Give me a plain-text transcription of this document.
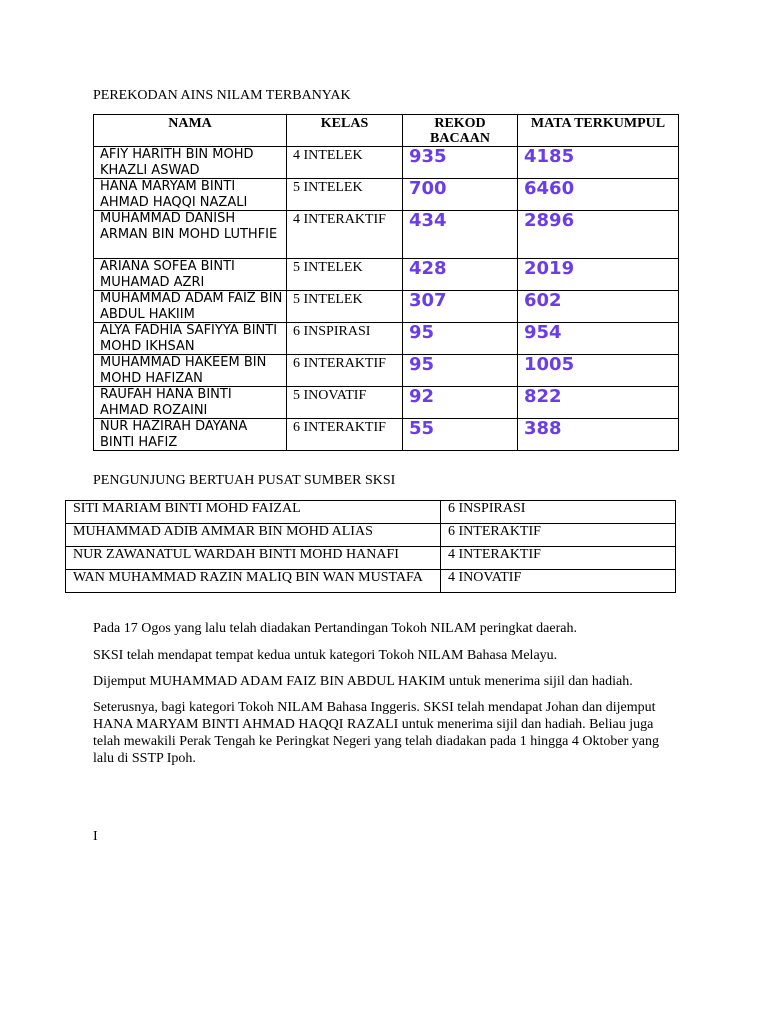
PEREKODAN AINS NILAM TERBANYAK
NAMA	KELAS	REKOD BACAAN	MATA TERKUMPUL
AFIY HARITH BIN MOHD KHAZLI ASWAD	4 INTELEK	935	4185
HANA MARYAM BINTI AHMAD HAQQI NAZALI	5 INTELEK	700	6460
MUHAMMAD DANISH ARMAN BIN MOHD LUTHFIE	4 INTERAKTIF	434	2896
ARIANA SOFEA BINTI MUHAMAD AZRI	5 INTELEK	428	2019
MUHAMMAD ADAM FAIZ BIN ABDUL HAKIIM	5 INTELEK	307	602
ALYA FADHIA SAFIYYA BINTI MOHD IKHSAN	6 INSPIRASI	95	954
MUHAMMAD HAKEEM BIN MOHD HAFIZAN	6 INTERAKTIF	95	1005
RAUFAH HANA BINTI AHMAD ROZAINI	5 INOVATIF	92	822
NUR HAZIRAH DAYANA BINTI HAFIZ	6 INTERAKTIF	55	388
PENGUNJUNG BERTUAH PUSAT SUMBER SKSI
SITI MARIAM BINTI MOHD FAIZAL	6 INSPIRASI
MUHAMMAD ADIB AMMAR BIN MOHD ALIAS	6 INTERAKTIF
NUR ZAWANATUL WARDAH BINTI MOHD HANAFI	4 INTERAKTIF
WAN MUHAMMAD RAZIN MALIQ BIN WAN MUSTAFA	4 INOVATIF

Pada 17 Ogos yang lalu telah diadakan Pertandingan Tokoh NILAM peringkat daerah.

SKSI telah mendapat tempat kedua untuk kategori Tokoh NILAM Bahasa Melayu.

Dijemput MUHAMMAD ADAM FAIZ BIN ABDUL HAKIM untuk menerima sijil dan hadiah.

Seterusnya, bagi kategori Tokoh NILAM Bahasa Inggeris. SKSI telah mendapat Johan dan dijemput HANA MARYAM BINTI AHMAD HAQQI RAZALI untuk menerima sijil dan hadiah. Beliau juga telah mewakili Perak Tengah ke Peringkat Negeri yang telah diadakan pada 1 hingga 4 Oktober yang lalu di SSTP Ipoh.

I
